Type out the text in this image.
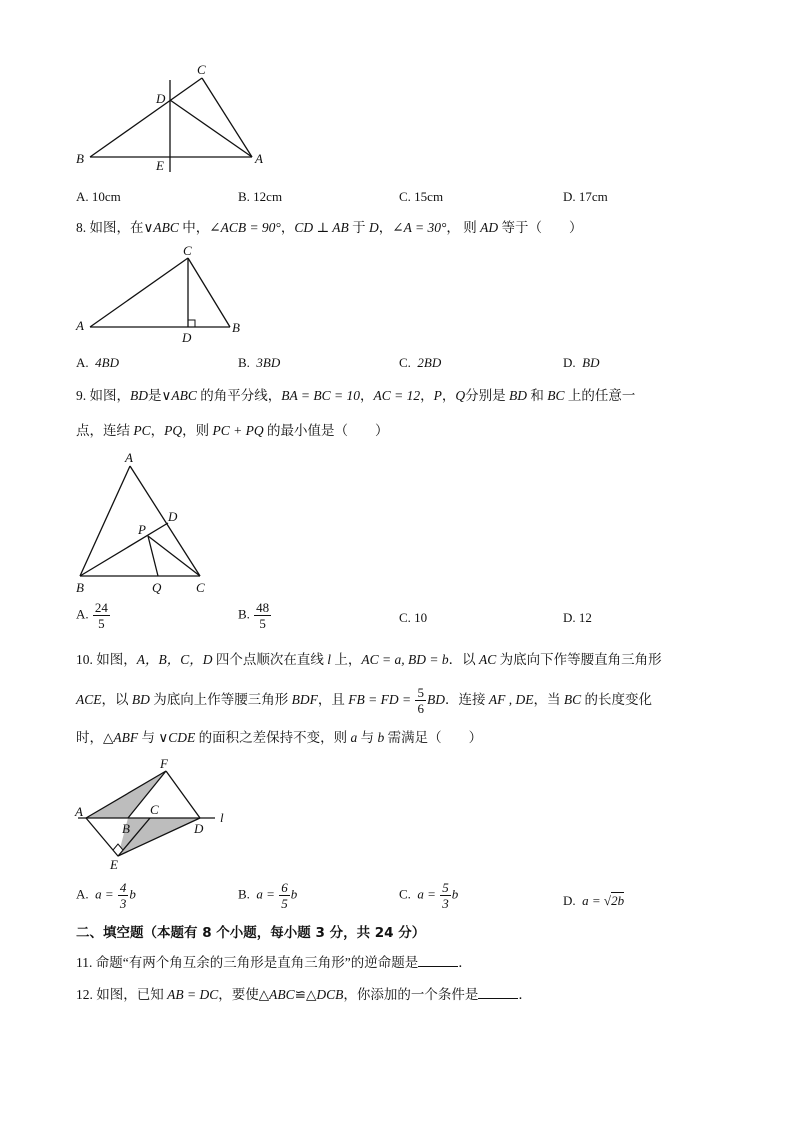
C
D
B	E	A
A. 10cm	B. 12cm	C. 15cm	D. 17cm
8. 如图，在∨ABC 中，∠ACB = 90°，CD ⊥ AB 于 D，∠A = 30°， 则 AD 等于（　　）
C
A
D
B
A. 4BD	B. 3BD	C. 2BD	D. BD
9. 如图，BD是∨ABC 的角平分线，BA = BC = 10，AC = 12，P，Q分别是 BD 和 BC 上的任意一
点，连结 PC，PQ，则 PC + PQ 的最小值是（　　）
A
D
P
B	Q	C
A. $\frac{24}{5}$	B. $\frac{48}{5}$	C. 10	D. 12
10. 如图，A，B，C，D 四个点顺次在直线 l 上，AC = a, BD = b．以 AC 为底向下作等腰直角三角形
ACE，以 BD 为底向上作等腰三角形 BDF，且 FB = FD = $\frac{5}{6}$ BD．连接 AF , DE，当 BC 的长度变化
时，△ABF 与 ∨CDE 的面积之差保持不变，则 a 与 b 需满足（　　）
F
A	C
B	D
l
E
A. $a = \frac{4}{3}$ b	B. $a = \frac{6}{5}$ b	C. $a = \frac{5}{3}$ b	D. a = √2b
二、填空题（本题有 8 个小题，每小题 3 分，共 24 分）
11. 命题“有两个角互余的三角形是直角三角形”的逆命题是	．
12. 如图，已知 AB = DC，要使△ABC≌△DCB，你添加的一个条件是	．
